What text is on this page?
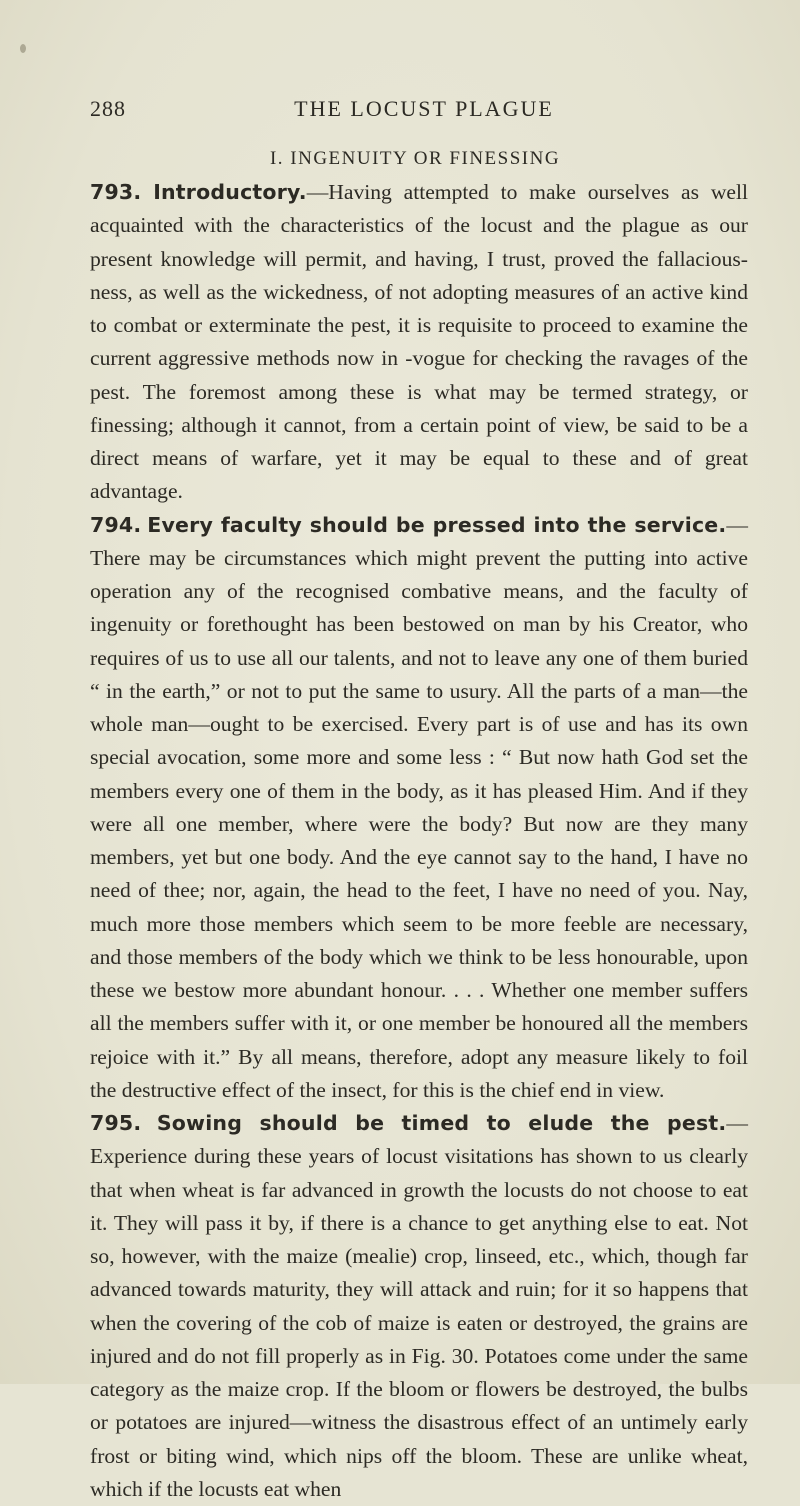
288	THE LOCUST PLAGUE
I. INGENUITY OR FINESSING

793. Introductory.—Having attempted to make ourselves as well acquainted with the characteristics of the locust and the plague as our present knowledge will permit, and having, I trust, proved the fallaciousness, as well as the wickedness, of not adopting measures of an active kind to combat or exterminate the pest, it is requisite to proceed to examine the current aggressive methods now in -vogue for checking the ravages of the pest. The foremost among these is what may be termed strategy, or finessing; although it cannot, from a certain point of view, be said to be a direct means of warfare, yet it may be equal to these and of great advantage.

794. Every faculty should be pressed into the service.— There may be circumstances which might prevent the putting into active operation any of the recognised combative means, and the faculty of ingenuity or forethought has been bestowed on man by his Creator, who requires of us to use all our talents, and not to leave any one of them buried “ in the earth,” or not to put the same to usury. All the parts of a man—the whole man—ought to be exercised. Every part is of use and has its own special avocation, some more and some less : “ But now hath God set the members every one of them in the body, as it has pleased Him. And if they were all one member, where were the body? But now are they many members, yet but one body. And the eye cannot say to the hand, I have no need of thee; nor, again, the head to the feet, I have no need of you. Nay, much more those members which seem to be more feeble are necessary, and those members of the body which we think to be less honourable, upon these we bestow more abundant honour. . . . Whether one member suffers all the members suffer with it, or one member be honoured all the members rejoice with it.” By all means, therefore, adopt any measure likely to foil the destructive effect of the insect, for this is the chief end in view.

795. Sowing should be timed to elude the pest.—Experience during these years of locust visitations has shown to us clearly that when wheat is far advanced in growth the locusts do not choose to eat it. They will pass it by, if there is a chance to get anything else to eat. Not so, however, with the maize (mealie) crop, linseed, etc., which, though far advanced towards maturity, they will attack and ruin; for it so happens that when the covering of the cob of maize is eaten or destroyed, the grains are injured and do not fill properly as in Fig. 30. Potatoes come under the same category as the maize crop. If the bloom or flowers be destroyed, the bulbs or potatoes are injured—witness the disastrous effect of an untimely early frost or biting wind, which nips off the bloom. These are unlike wheat, which if the locusts eat when
